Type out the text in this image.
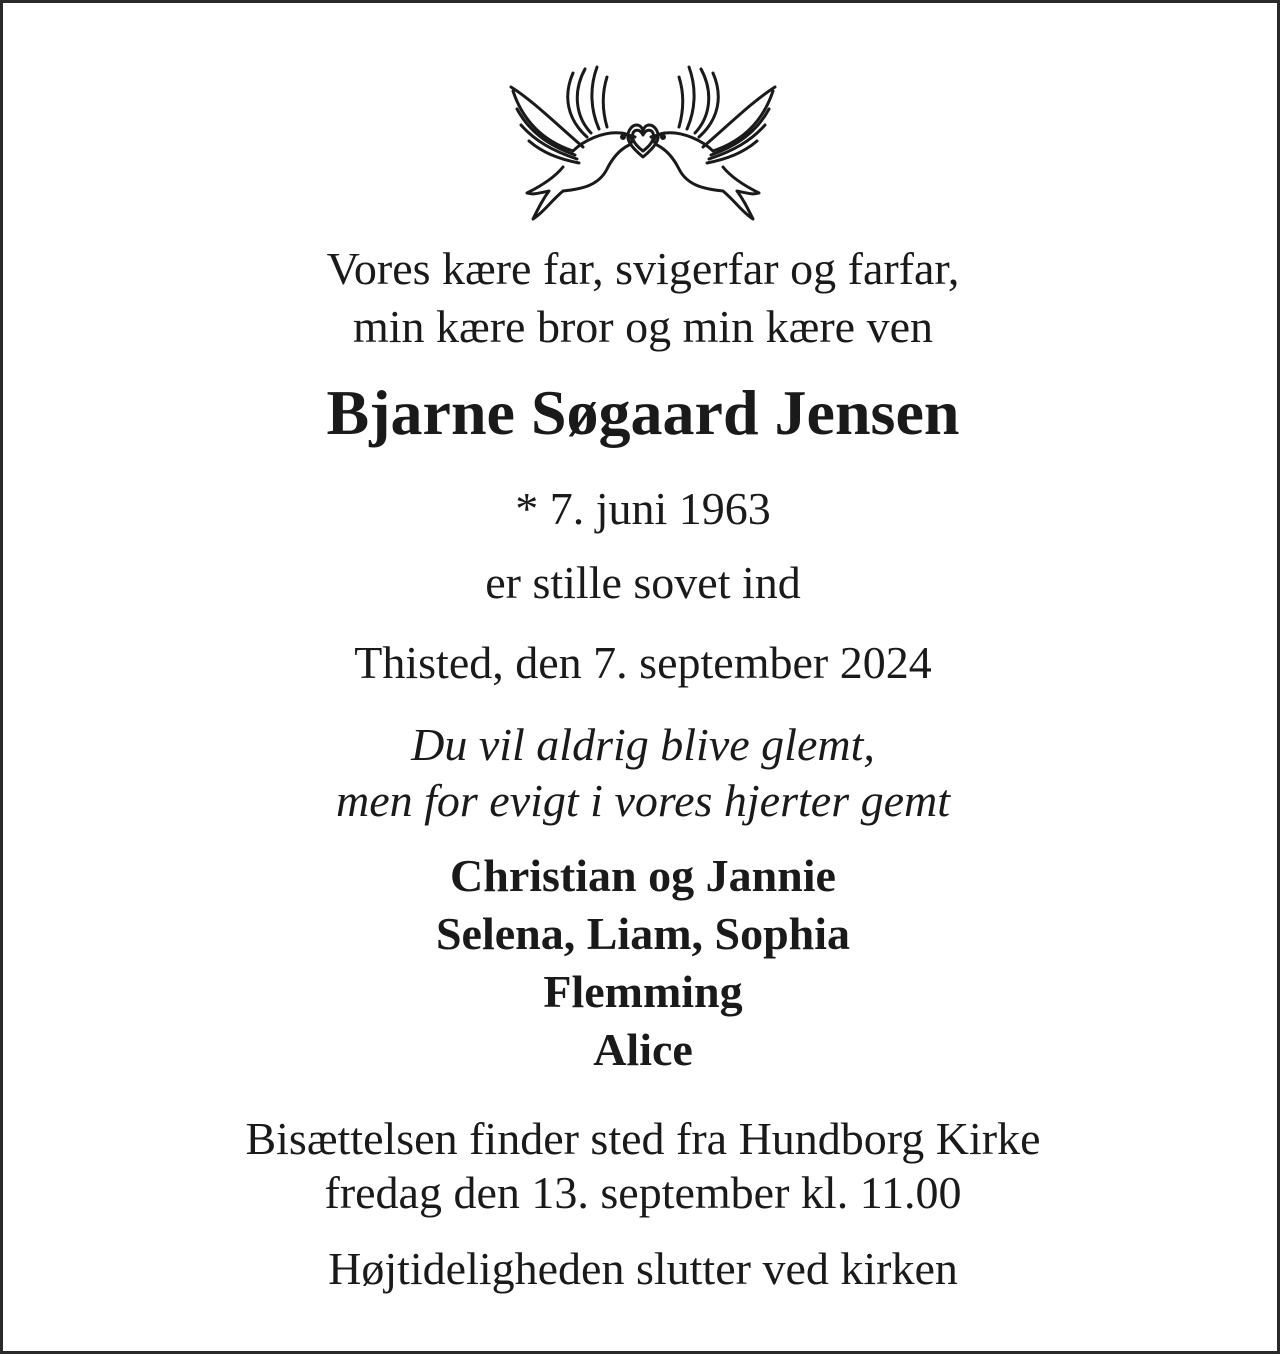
Vores kære far, svigerfar og farfar,

min kære bror og min kære ven

Bjarne Søgaard Jensen

* 7. juni 1963

er stille sovet ind

Thisted, den 7. september 2024

Du vil aldrig blive glemt,

men for evigt i vores hjerter gemt

Christian og Jannie

Selena, Liam, Sophia

Flemming

Alice

Bisættelsen finder sted fra Hundborg Kirke

fredag den 13. september kl. 11.00

Højtideligheden slutter ved kirken
